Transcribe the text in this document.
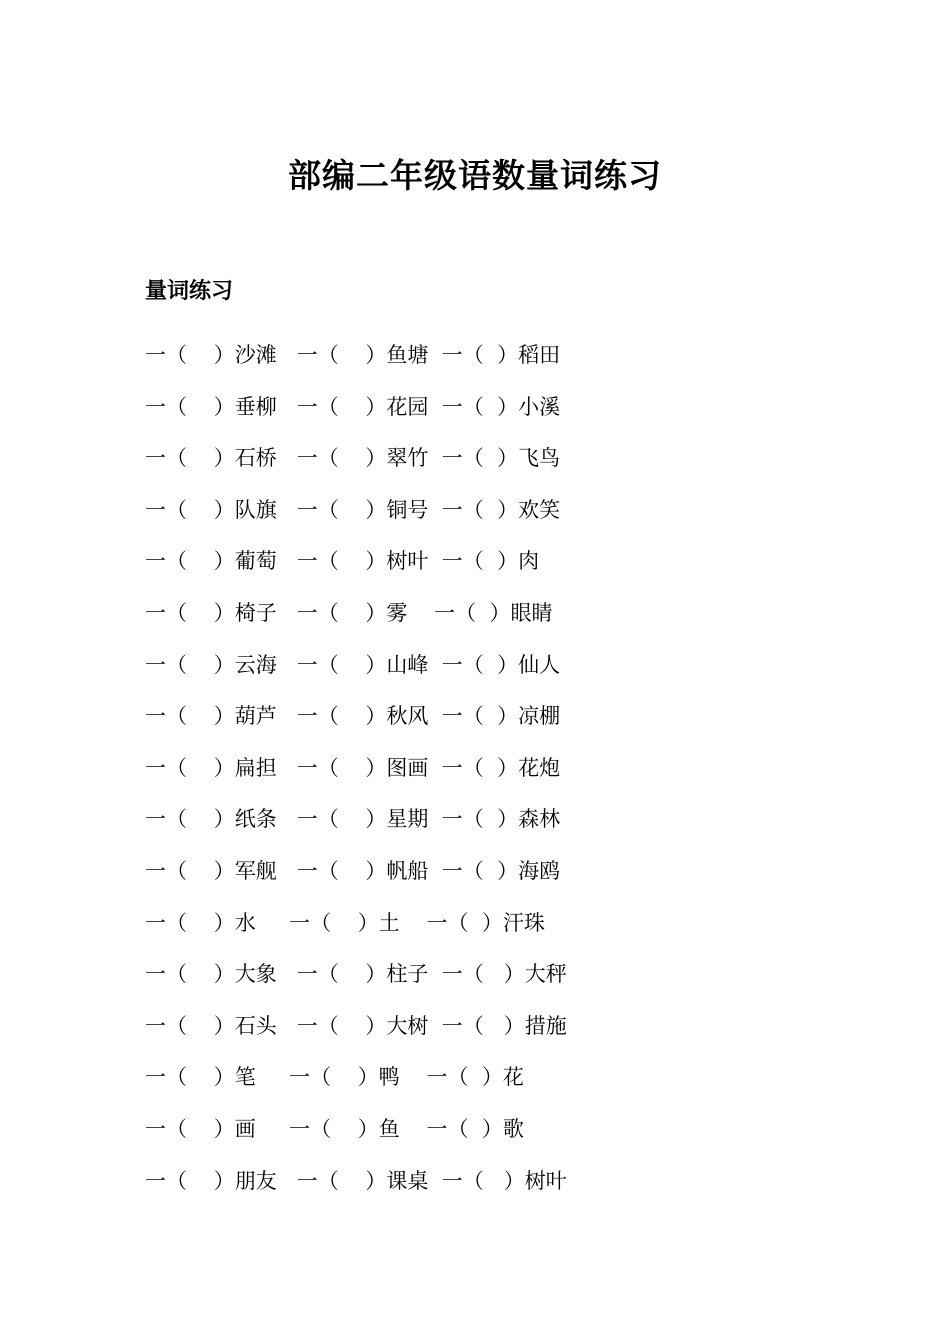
部编二年级语数量词练习
量词练习
一（    ）沙滩   一（    ）鱼塘  一（  ）稻田
一（    ）垂柳   一（    ）花园  一（  ）小溪
一（    ）石桥   一（    ）翠竹  一（  ）飞鸟
一（    ）队旗   一（    ）铜号  一（  ）欢笑
一（    ）葡萄   一（    ）树叶  一（  ）肉
一（    ）椅子   一（    ）雾    一（  ）眼睛
一（    ）云海   一（    ）山峰  一（  ）仙人
一（    ）葫芦   一（    ）秋风  一（  ）凉棚
一（    ）扁担   一（    ）图画  一（  ）花炮
一（    ）纸条   一（    ）星期  一（  ）森林
一（    ）军舰   一（    ）帆船  一（  ）海鸥
一（    ）水     一（    ）土    一（  ）汗珠
一（    ）大象   一（    ）柱子  一（   ）大秤
一（    ）石头   一（    ）大树  一（   ）措施
一（    ）笔     一（    ）鸭    一（  ）花
一（    ）画     一（    ）鱼    一（  ）歌
一（    ）朋友   一（    ）课桌  一（   ）树叶
